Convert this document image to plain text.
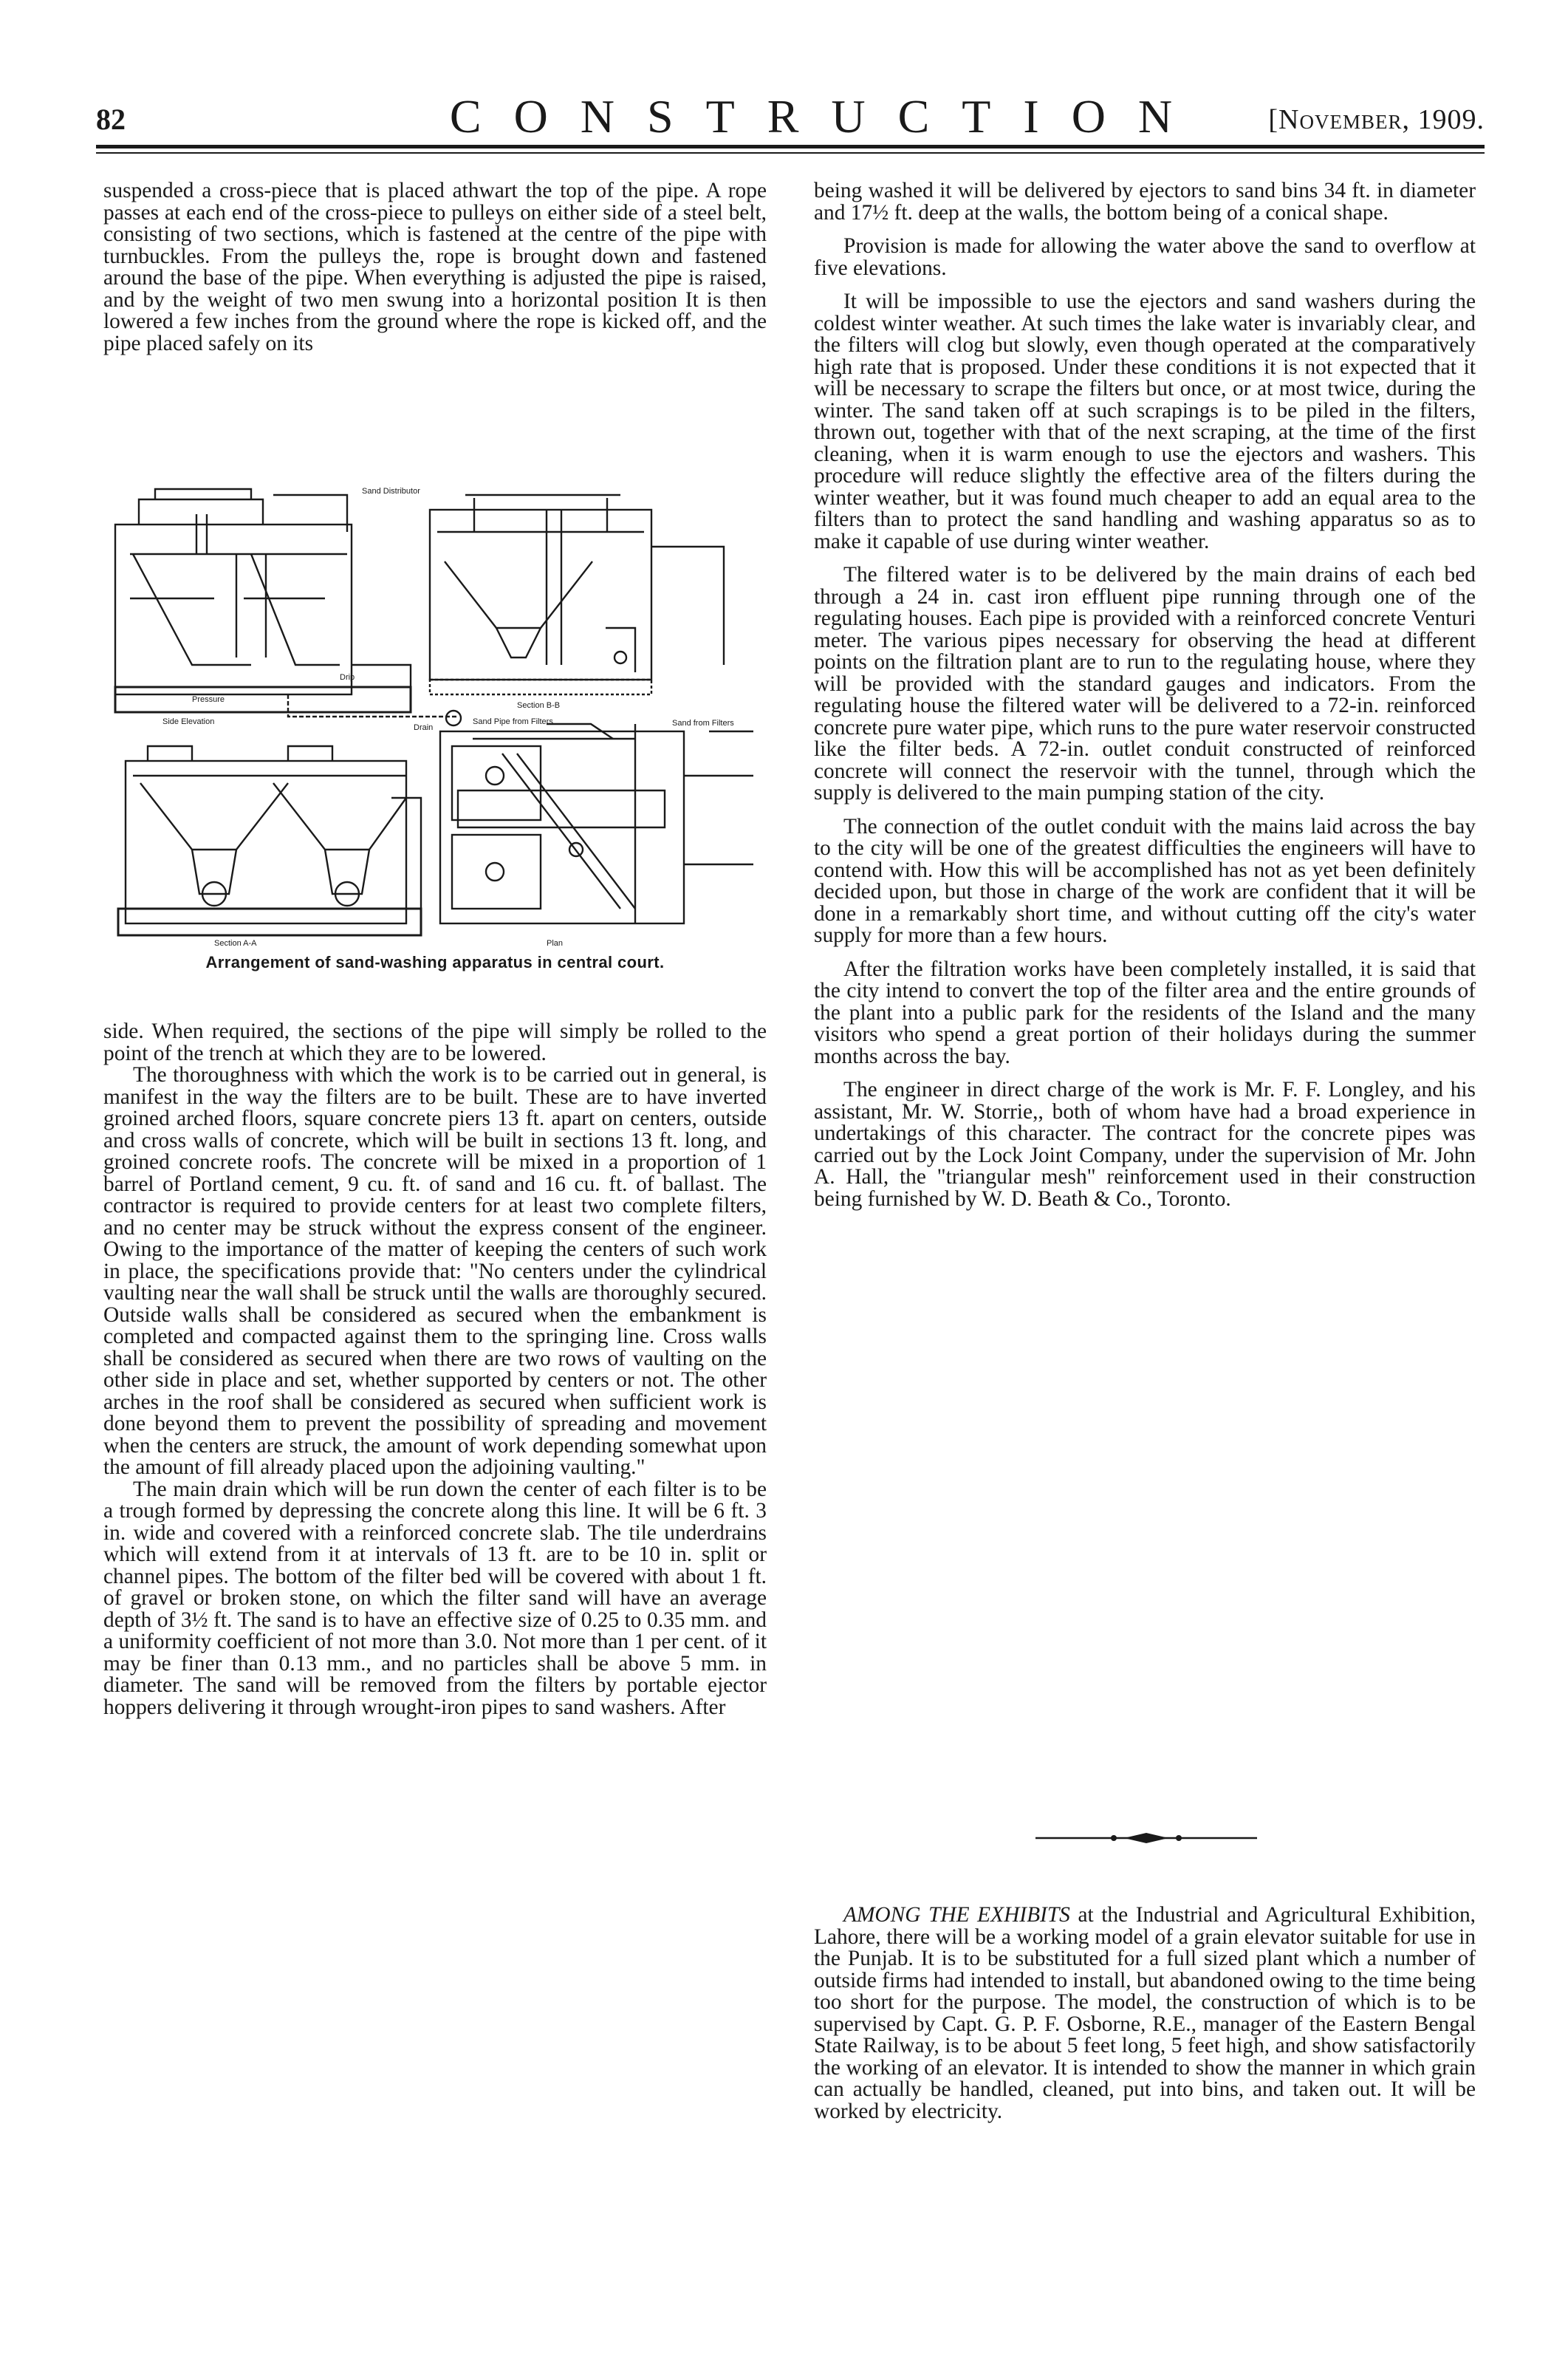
82	CONSTRUCTION	[November, 1909.

suspended a cross-piece that is placed athwart the top of the pipe. A rope passes at each end of the cross-piece to pulleys on either side of a steel belt, consisting of two sections, which is fastened at the centre of the pipe with turnbuckles. From the pulleys the, rope is brought down and fastened around the base of the pipe. When everything is adjusted the pipe is raised, and by the weight of two men swung into a horizontal position It is then lowered a few inches from the ground where the rope is kicked off, and the pipe placed safely on its

Sand Distributor
Side Elevation
Section B-B
Section A-A	Plan
Drip
Pressure
Drain
Sand Pipe from Filters	Sand from Filters
Arrangement of sand-washing apparatus in central court.

side. When required, the sections of the pipe will simply be rolled to the point of the trench at which they are to be lowered.

The thoroughness with which the work is to be carried out in general, is manifest in the way the filters are to be built. These are to have inverted groined arched floors, square concrete piers 13 ft. apart on centers, outside and cross walls of concrete, which will be built in sections 13 ft. long, and groined concrete roofs. The concrete will be mixed in a proportion of 1 barrel of Portland cement, 9 cu. ft. of sand and 16 cu. ft. of ballast. The contractor is required to provide centers for at least two complete filters, and no center may be struck without the express consent of the engineer. Owing to the importance of the matter of keeping the centers of such work in place, the specifications provide that: "No centers under the cylindrical vaulting near the wall shall be struck until the walls are thoroughly secured. Outside walls shall be considered as secured when the embankment is completed and compacted against them to the springing line. Cross walls shall be considered as secured when there are two rows of vaulting on the other side in place and set, whether supported by centers or not. The other arches in the roof shall be considered as secured when sufficient work is done beyond them to prevent the possibility of spreading and movement when the centers are struck, the amount of work depending somewhat upon the amount of fill already placed upon the adjoining vaulting."

The main drain which will be run down the center of each filter is to be a trough formed by depressing the concrete along this line. It will be 6 ft. 3 in. wide and covered with a reinforced concrete slab. The tile underdrains which will extend from it at intervals of 13 ft. are to be 10 in. split or channel pipes. The bottom of the filter bed will be covered with about 1 ft. of gravel or broken stone, on which the filter sand will have an average depth of 3½ ft. The sand is to have an effective size of 0.25 to 0.35 mm. and a uniformity coefficient of not more than 3.0. Not more than 1 per cent. of it may be finer than 0.13 mm., and no particles shall be above 5 mm. in diameter. The sand will be removed from the filters by portable ejector hoppers delivering it through wrought-iron pipes to sand washers. After

being washed it will be delivered by ejectors to sand bins 34 ft. in diameter and 17½ ft. deep at the walls, the bottom being of a conical shape.

Provision is made for allowing the water above the sand to overflow at five elevations.

It will be impossible to use the ejectors and sand washers during the coldest winter weather. At such times the lake water is invariably clear, and the filters will clog but slowly, even though operated at the comparatively high rate that is proposed. Under these conditions it is not expected that it will be necessary to scrape the filters but once, or at most twice, during the winter. The sand taken off at such scrapings is to be piled in the filters, thrown out, together with that of the next scraping, at the time of the first cleaning, when it is warm enough to use the ejectors and washers. This procedure will reduce slightly the effective area of the filters during the winter weather, but it was found much cheaper to add an equal area to the filters than to protect the sand handling and washing apparatus so as to make it capable of use during winter weather.

The filtered water is to be delivered by the main drains of each bed through a 24 in. cast iron effluent pipe running through one of the regulating houses. Each pipe is provided with a reinforced concrete Venturi meter. The various pipes necessary for observing the head at different points on the filtration plant are to run to the regulating house, where they will be provided with the standard gauges and indicators. From the regulating house the filtered water will be delivered to a 72-in. reinforced concrete pure water pipe, which runs to the pure water reservoir constructed like the filter beds. A 72-in. outlet conduit constructed of reinforced concrete will connect the reservoir with the tunnel, through which the supply is delivered to the main pumping station of the city.

The connection of the outlet conduit with the mains laid across the bay to the city will be one of the greatest difficulties the engineers will have to contend with. How this will be accomplished has not as yet been definitely decided upon, but those in charge of the work are confident that it will be done in a remarkably short time, and without cutting off the city's water supply for more than a few hours.

After the filtration works have been completely installed, it is said that the city intend to convert the top of the filter area and the entire grounds of the plant into a public park for the residents of the Island and the many visitors who spend a great portion of their holidays during the summer months across the bay.

The engineer in direct charge of the work is Mr. F. F. Longley, and his assistant, Mr. W. Storrie,, both of whom have had a broad experience in undertakings of this character. The contract for the concrete pipes was carried out by the Lock Joint Company, under the supervision of Mr. John A. Hall, the "triangular mesh" reinforcement used in their construction being furnished by W. D. Beath & Co., Toronto.

AMONG THE EXHIBITS at the Industrial and Agricultural Exhibition, Lahore, there will be a working model of a grain elevator suitable for use in the Punjab. It is to be substituted for a full sized plant which a number of outside firms had intended to install, but abandoned owing to the time being too short for the purpose. The model, the construction of which is to be supervised by Capt. G. P. F. Osborne, R.E., manager of the Eastern Bengal State Railway, is to be about 5 feet long, 5 feet high, and show satisfactorily the working of an elevator. It is intended to show the manner in which grain can actually be handled, cleaned, put into bins, and taken out. It will be worked by electricity.
